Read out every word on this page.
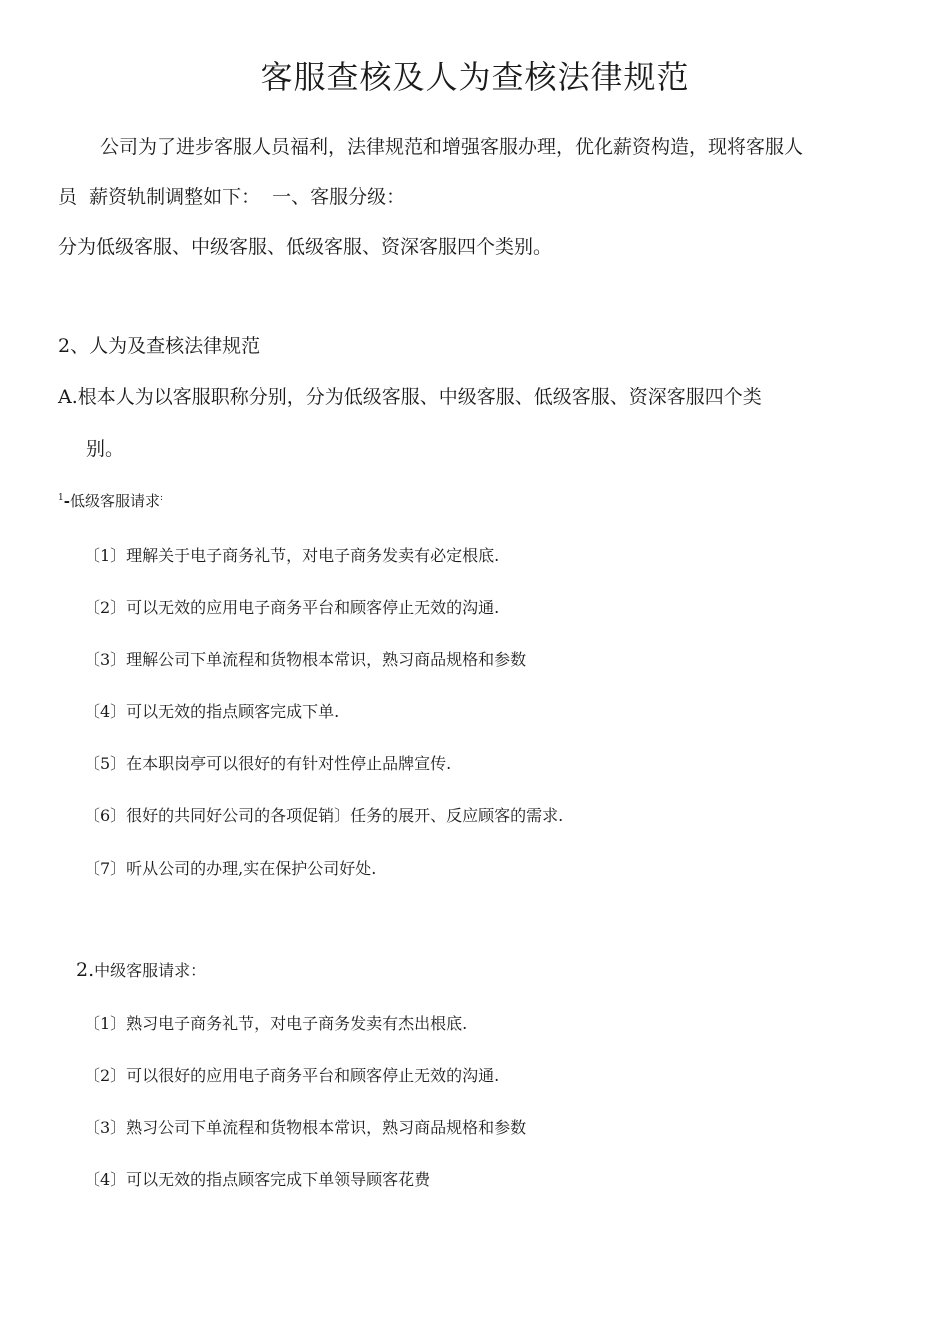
客服查核及人为查核法律规范
公司为了进步客服人员福利，法律规范和增强客服办理，优化薪资构造，现将客服人
员  薪资轨制调整如下：  一、客服分级：
分为低级客服、中级客服、低级客服、资深客服四个类别。
2、人为及查核法律规范
A.根本人为以客服职称分别，分为低级客服、中级客服、低级客服、资深客服四个类
别。
$^1$-低级客服请求:
〔1〕理解关于电子商务礼节，对电子商务发卖有必定根底.
〔2〕可以无效的应用电子商务平台和顾客停止无效的沟通.
〔3〕理解公司下单流程和货物根本常识，熟习商品规格和参数
〔4〕可以无效的指点顾客完成下单.
〔5〕在本职岗亭可以很好的有针对性停止品牌宣传.
〔6〕很好的共同好公司的各项促销〕任务的展开、反应顾客的需求.
〔7〕听从公司的办理,实在保护公司好处.
2.中级客服请求：
〔1〕熟习电子商务礼节，对电子商务发卖有杰出根底.
〔2〕可以很好的应用电子商务平台和顾客停止无效的沟通.
〔3〕熟习公司下单流程和货物根本常识，熟习商品规格和参数
〔4〕可以无效的指点顾客完成下单领导顾客花费
